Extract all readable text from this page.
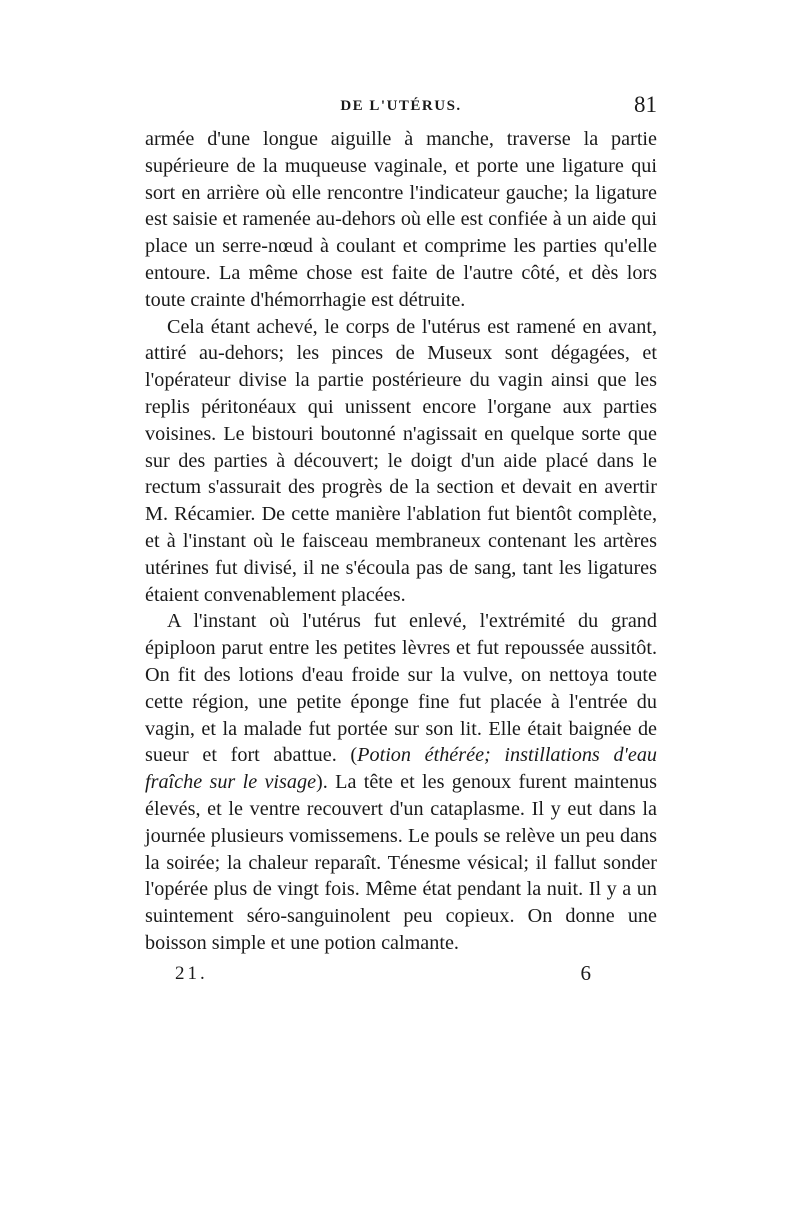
DE L'UTÉRUS.	81

armée d'une longue aiguille à manche, traverse la partie supérieure de la muqueuse vaginale, et porte une ligature qui sort en arrière où elle rencontre l'indicateur gauche; la ligature est saisie et ramenée au-dehors où elle est confiée à un aide qui place un serre-nœud à coulant et comprime les parties qu'elle entoure. La même chose est faite de l'autre côté, et dès lors toute crainte d'hémorrhagie est détruite.

Cela étant achevé, le corps de l'utérus est ramené en avant, attiré au-dehors; les pinces de Museux sont dégagées, et l'opérateur divise la partie postérieure du vagin ainsi que les replis péritonéaux qui unissent encore l'organe aux parties voisines. Le bistouri boutonné n'agissait en quelque sorte que sur des parties à découvert; le doigt d'un aide placé dans le rectum s'assurait des progrès de la section et devait en avertir M. Récamier. De cette manière l'ablation fut bientôt complète, et à l'instant où le faisceau membraneux contenant les artères utérines fut divisé, il ne s'écoula pas de sang, tant les ligatures étaient convenablement placées.

A l'instant où l'utérus fut enlevé, l'extrémité du grand épiploon parut entre les petites lèvres et fut repoussée aussitôt. On fit des lotions d'eau froide sur la vulve, on nettoya toute cette région, une petite éponge fine fut placée à l'entrée du vagin, et la malade fut portée sur son lit. Elle était baignée de sueur et fort abattue. (Potion éthérée; instillations d'eau fraîche sur le visage). La tête et les genoux furent maintenus élevés, et le ventre recouvert d'un cataplasme. Il y eut dans la journée plusieurs vomissemens. Le pouls se relève un peu dans la soirée; la chaleur reparaît. Ténesme vésical; il fallut sonder l'opérée plus de vingt fois. Même état pendant la nuit. Il y a un suintement séro-sanguinolent peu copieux. On donne une boisson simple et une potion calmante.

21.	6
